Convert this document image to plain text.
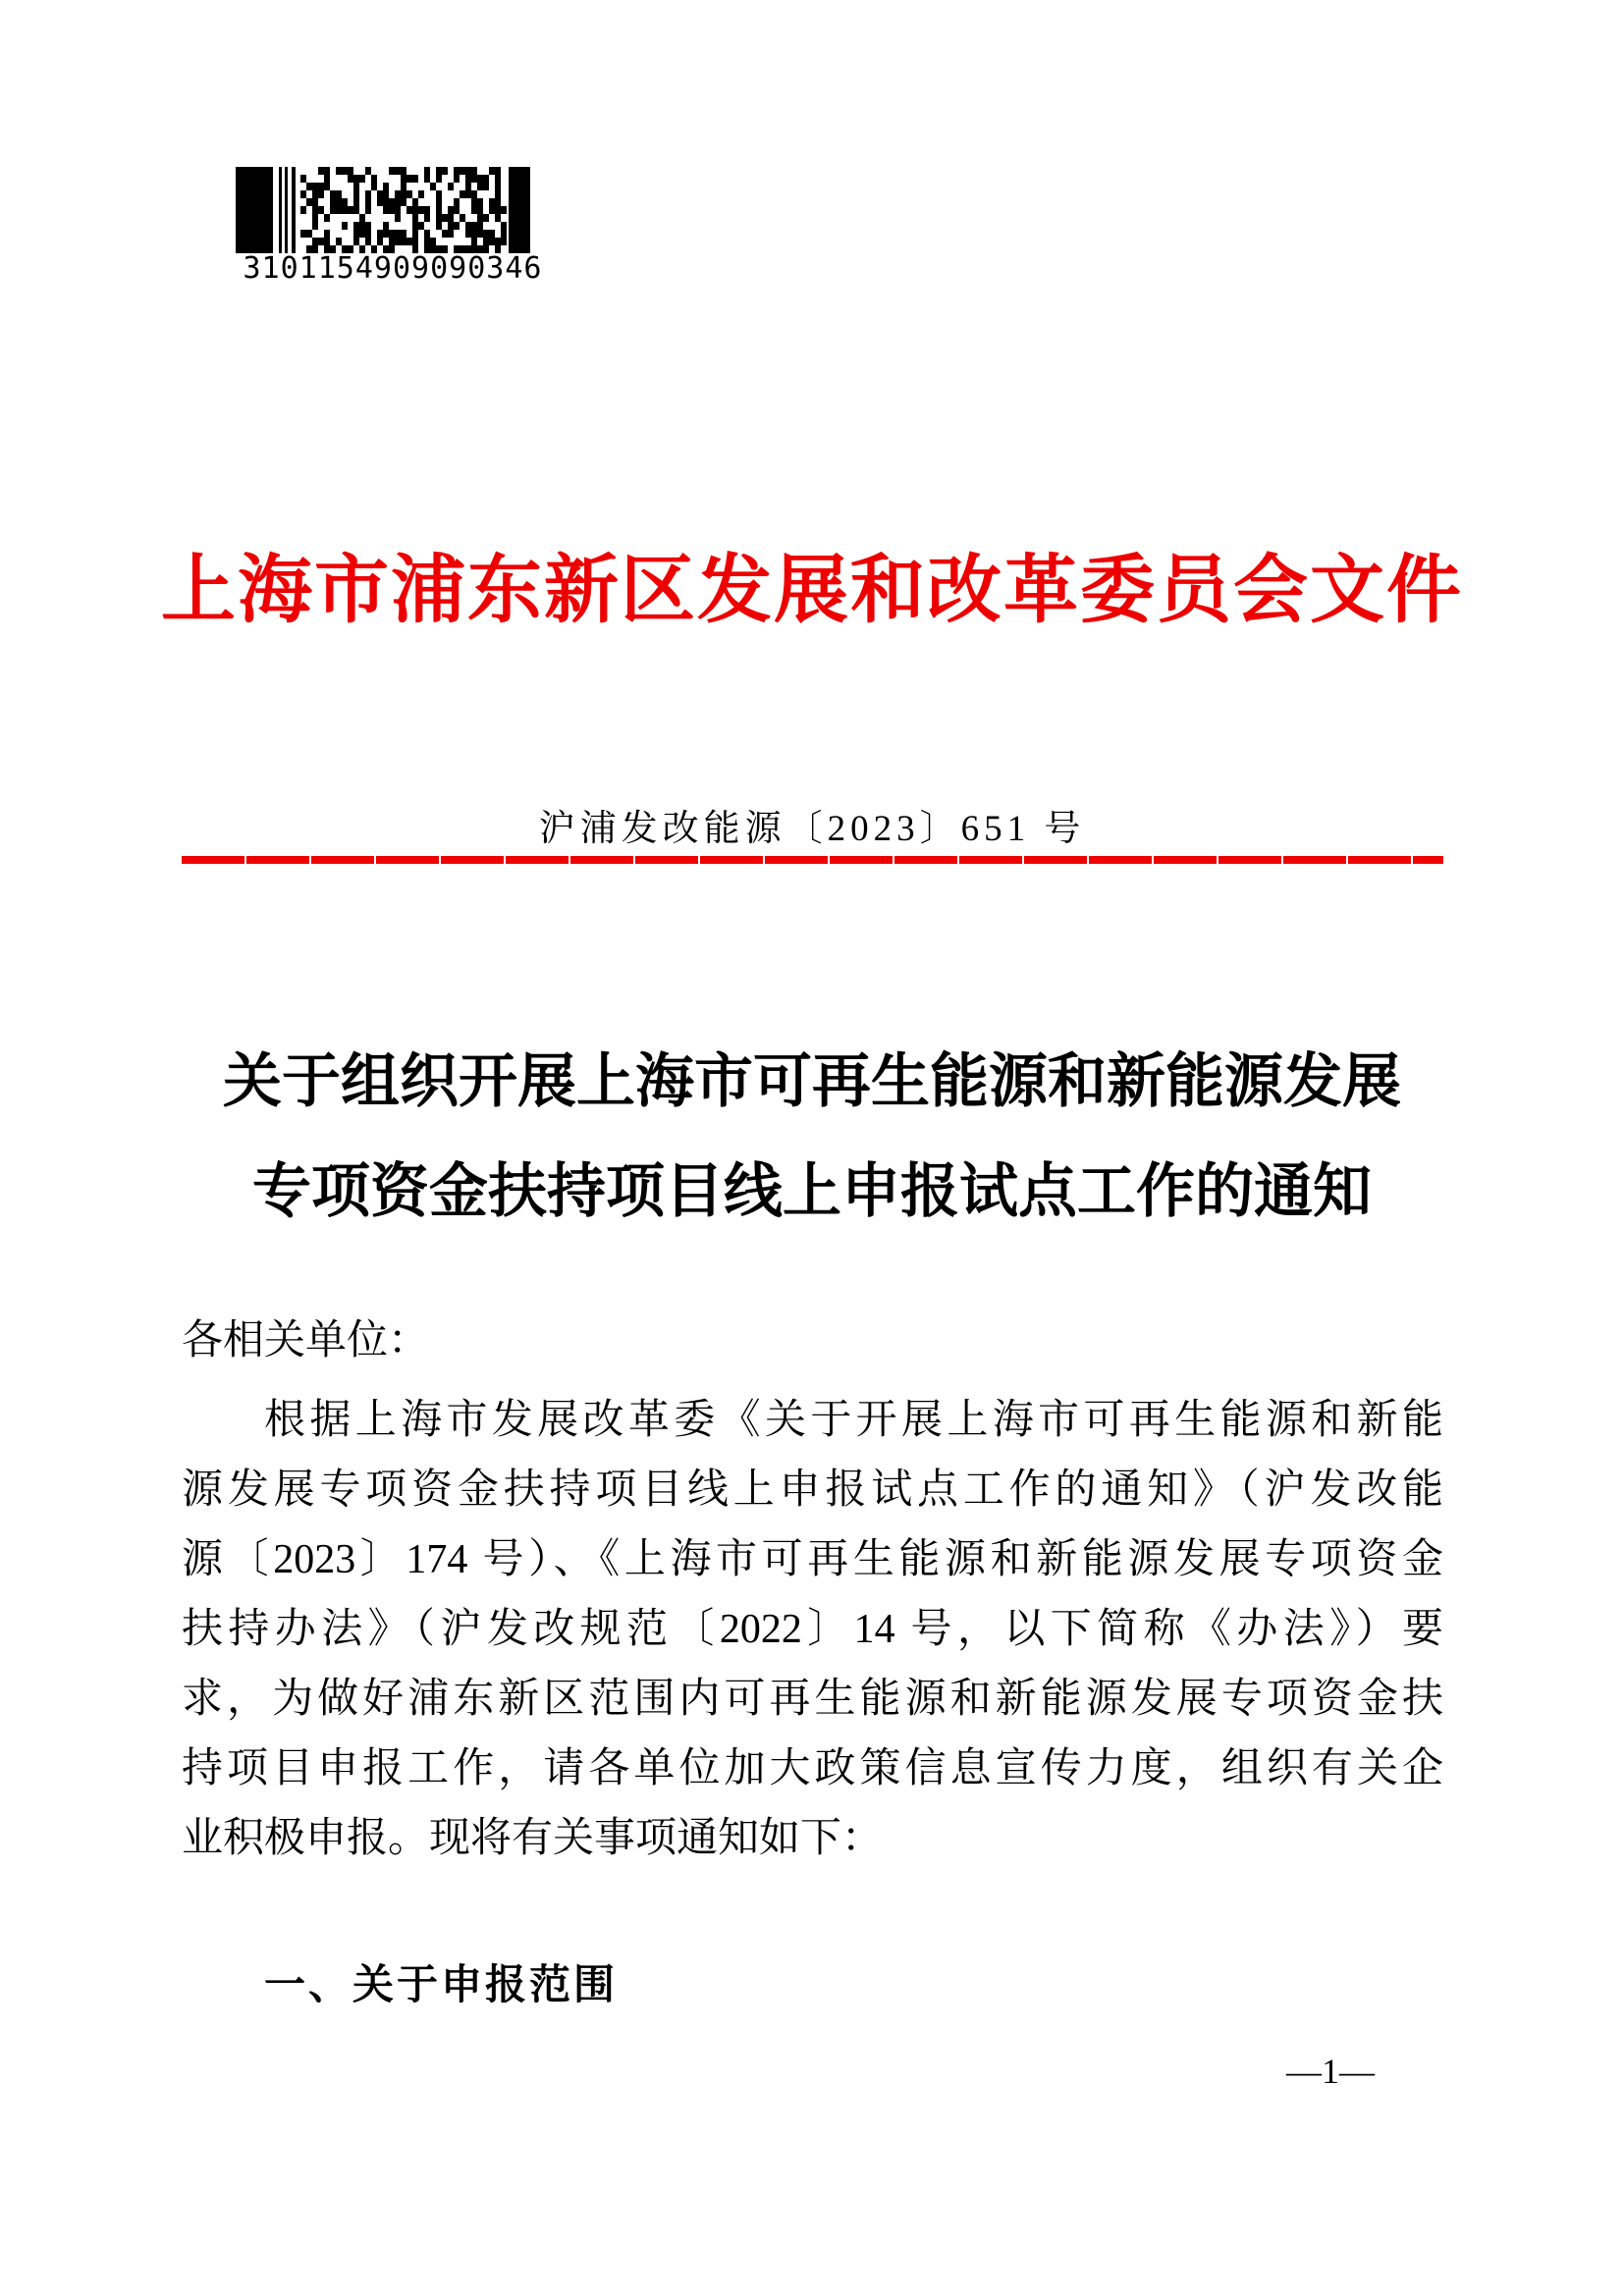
3101154909090346
上海市浦东新区发展和改革委员会文件
沪浦发改能源〔2023〕651 号
关于组织开展上海市可再生能源和新能源发展
专项资金扶持项目线上申报试点工作的通知
各相关单位：
根据上海市发展改革委《关于开展上海市可再生能源和新能
源发展专项资金扶持项目线上申报试点工作的通知》（沪发改能
源〔2023〕174 号）、《上海市可再生能源和新能源发展专项资金
扶持办法》（沪发改规范〔2022〕14 号，以下简称《办法》）要
求，为做好浦东新区范围内可再生能源和新能源发展专项资金扶
持项目申报工作，请各单位加大政策信息宣传力度，组织有关企
业积极申报。现将有关事项通知如下：
一、关于申报范围
—1—
